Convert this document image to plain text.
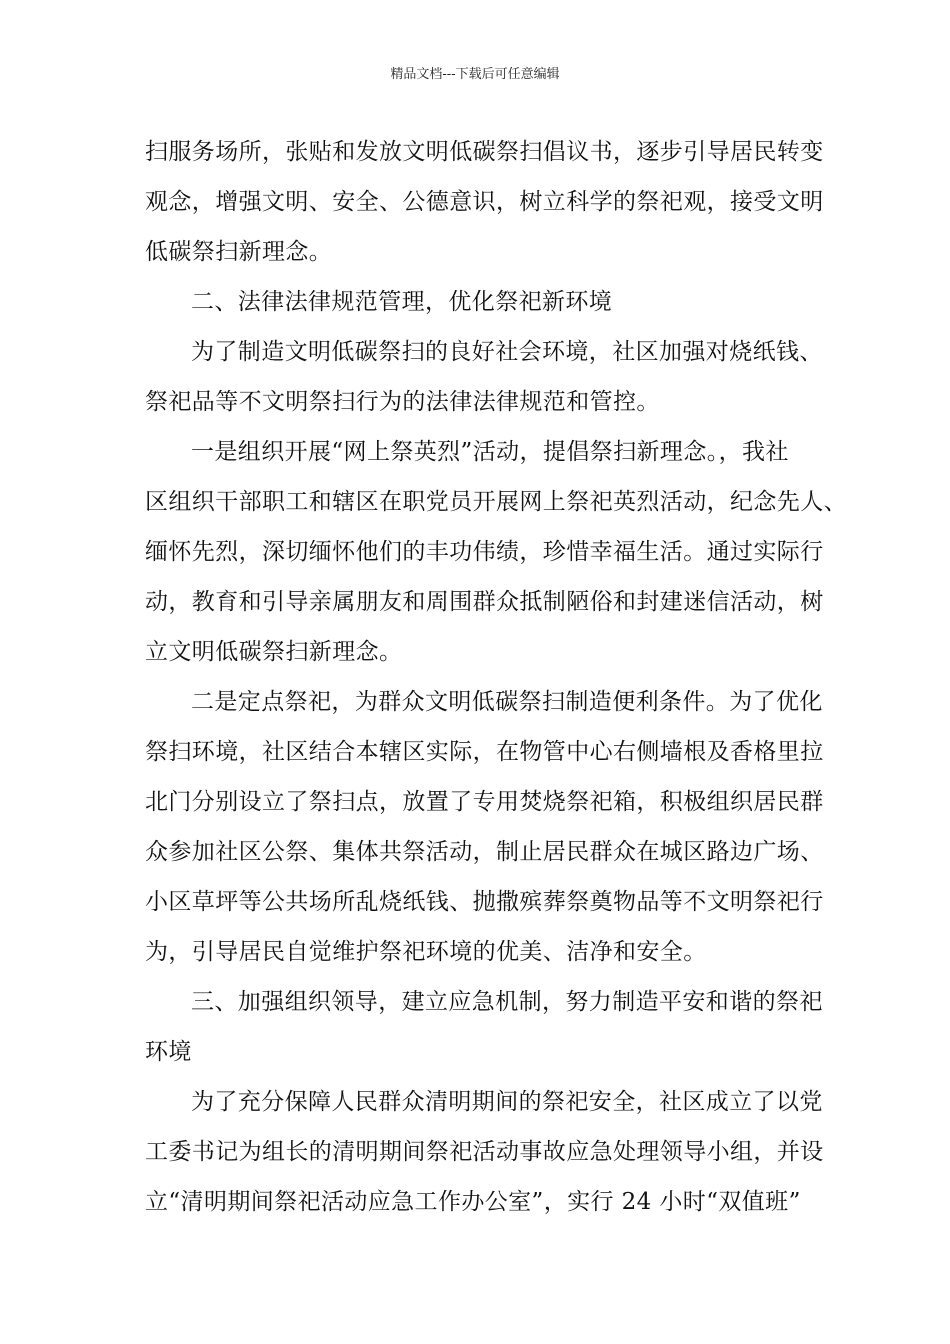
精品文档---下载后可任意编辑
扫服务场所，张贴和发放文明低碳祭扫倡议书，逐步引导居民转变
观念，增强文明、安全、公德意识，树立科学的祭祀观，接受文明
低碳祭扫新理念。
二、法律法律规范管理，优化祭祀新环境
为了制造文明低碳祭扫的良好社会环境，社区加强对烧纸钱、
祭祀品等不文明祭扫行为的法律法律规范和管控。
一是组织开展“网上祭英烈”活动，提倡祭扫新理念。，我社
区组织干部职工和辖区在职党员开展网上祭祀英烈活动，纪念先人、
缅怀先烈，深切缅怀他们的丰功伟绩，珍惜幸福生活。通过实际行
动，教育和引导亲属朋友和周围群众抵制陋俗和封建迷信活动，树
立文明低碳祭扫新理念。
二是定点祭祀，为群众文明低碳祭扫制造便利条件。为了优化
祭扫环境，社区结合本辖区实际，在物管中心右侧墙根及香格里拉
北门分别设立了祭扫点，放置了专用焚烧祭祀箱，积极组织居民群
众参加社区公祭、集体共祭活动，制止居民群众在城区路边广场、
小区草坪等公共场所乱烧纸钱、抛撒殡葬祭奠物品等不文明祭祀行
为，引导居民自觉维护祭祀环境的优美、洁净和安全。
三、加强组织领导，建立应急机制，努力制造平安和谐的祭祀
环境
为了充分保障人民群众清明期间的祭祀安全，社区成立了以党
工委书记为组长的清明期间祭祀活动事故应急处理领导小组，并设
立“清明期间祭祀活动应急工作办公室”，实行 24 小时“双值班”
